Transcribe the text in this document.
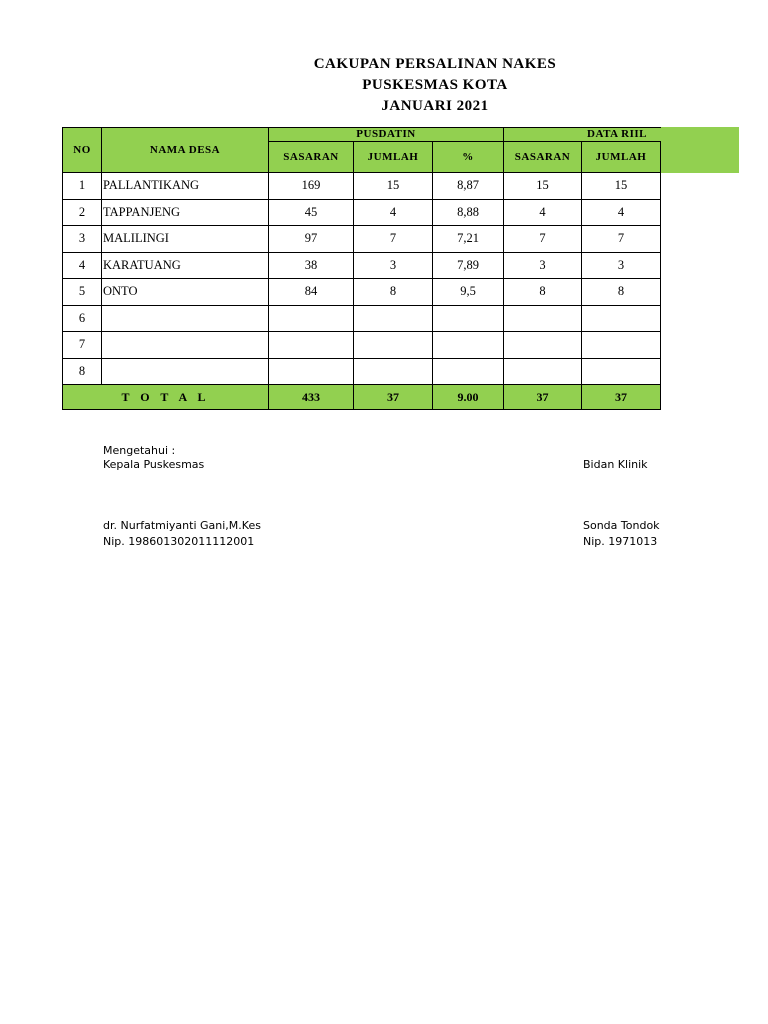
CAKUPAN PERSALINAN NAKES
PUSKESMAS KOTA
JANUARI 2021
NO	NAMA DESA	PUSDATIN			DATA RIIL	
		SASARAN	JUMLAH	%	SASARAN	JUMLAH
1	PALLANTIKANG	169	15	8,87	15	15
2	TAPPANJENG	45	4	8,88	4	4
3	MALILINGI	97	7	7,21	7	7
4	KARATUANG	38	3	7,89	3	3
5	ONTO	84	8	9,5	8	8
6						
7						
8						
T O T A L		433	37	9.00	37	37
Mengetahui :
Kepala Puskesmas
dr. Nurfatmiyanti Gani,M.Kes
Nip. 198601302011112001
Bidan Klinik
Sonda Tondok
Nip. 1971013
